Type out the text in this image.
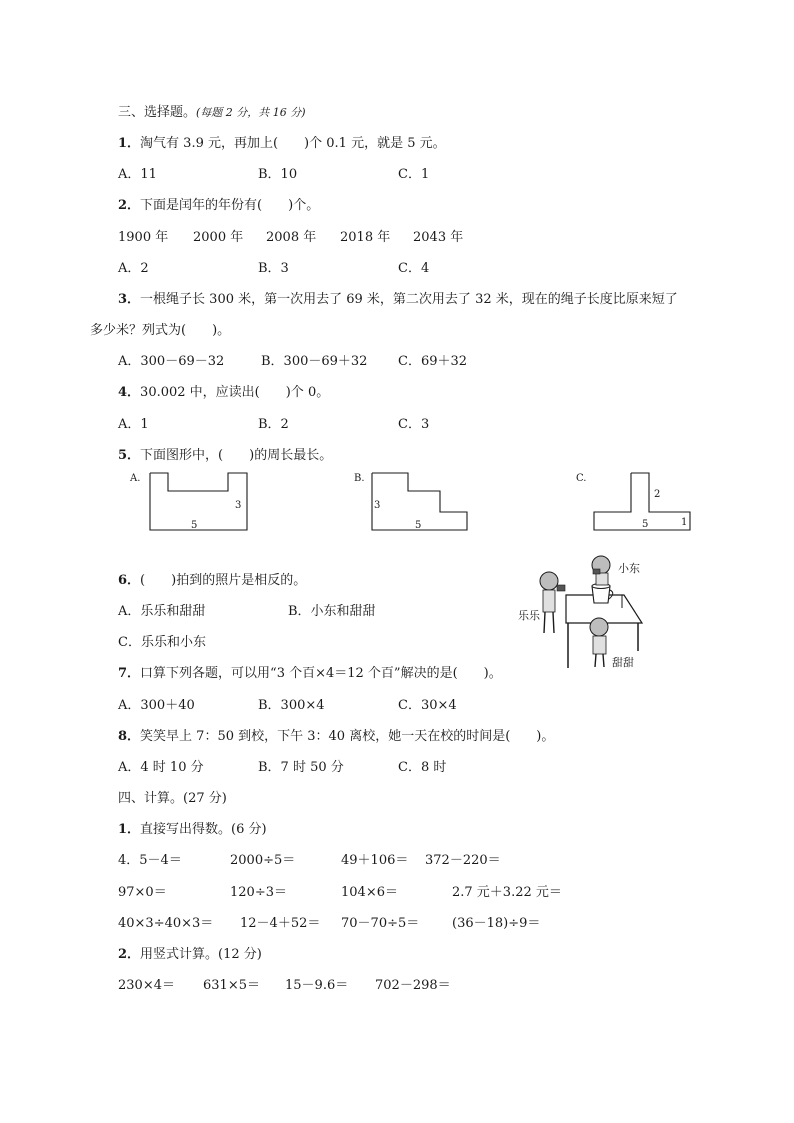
三、选择题。(每题 2 分，共 16 分)
1．淘气有 3.9 元，再加上(　　)个 0.1 元，就是 5 元。
A．11	B．10	C．1
2．下面是闰年的年份有(　　)个。
1900 年 2000 年 2008 年 2018 年 2043 年
A．2	B．3	C．4
3．一根绳子长 300 米，第一次用去了 69 米，第二次用去了 32 米，现在的绳子长度比原来短了
多少米？列式为(　　)。
A．300－69－32	B．300－69＋32 C．69＋32
4．30.002 中，应读出(　　)个 0。
A．1	B．2	C．3
5．下面图形中，(　　)的周长最长。
A.
3
5
B.
3
5
C.
2
5	1
6．(　　)拍到的照片是相反的。
A．乐乐和甜甜	B．小东和甜甜
C．乐乐和小东
小东
乐乐
甜甜
7．口算下列各题，可以用“3 个百×4＝12 个百”解决的是(　　)。
A．300＋40	B．300×4	C．30×4
8．笑笑早上 7：50 到校，下午 3：40 离校，她一天在校的时间是(　　)。
A．4 时 10 分	B．7 时 50 分	C．8 时
四、计算。(27 分)
1．直接写出得数。(6 分)
4．5－4＝	2000÷5＝	49＋106＝ 372－220＝
97×0＝	120÷3＝	104×6＝	2.7 元＋3.22 元＝
40×3÷40×3＝ 12－4＋52＝ 70－70÷5＝	(36－18)÷9＝
2．用竖式计算。(12 分)
230×4＝ 631×5＝ 15－9.6＝ 702－298＝
